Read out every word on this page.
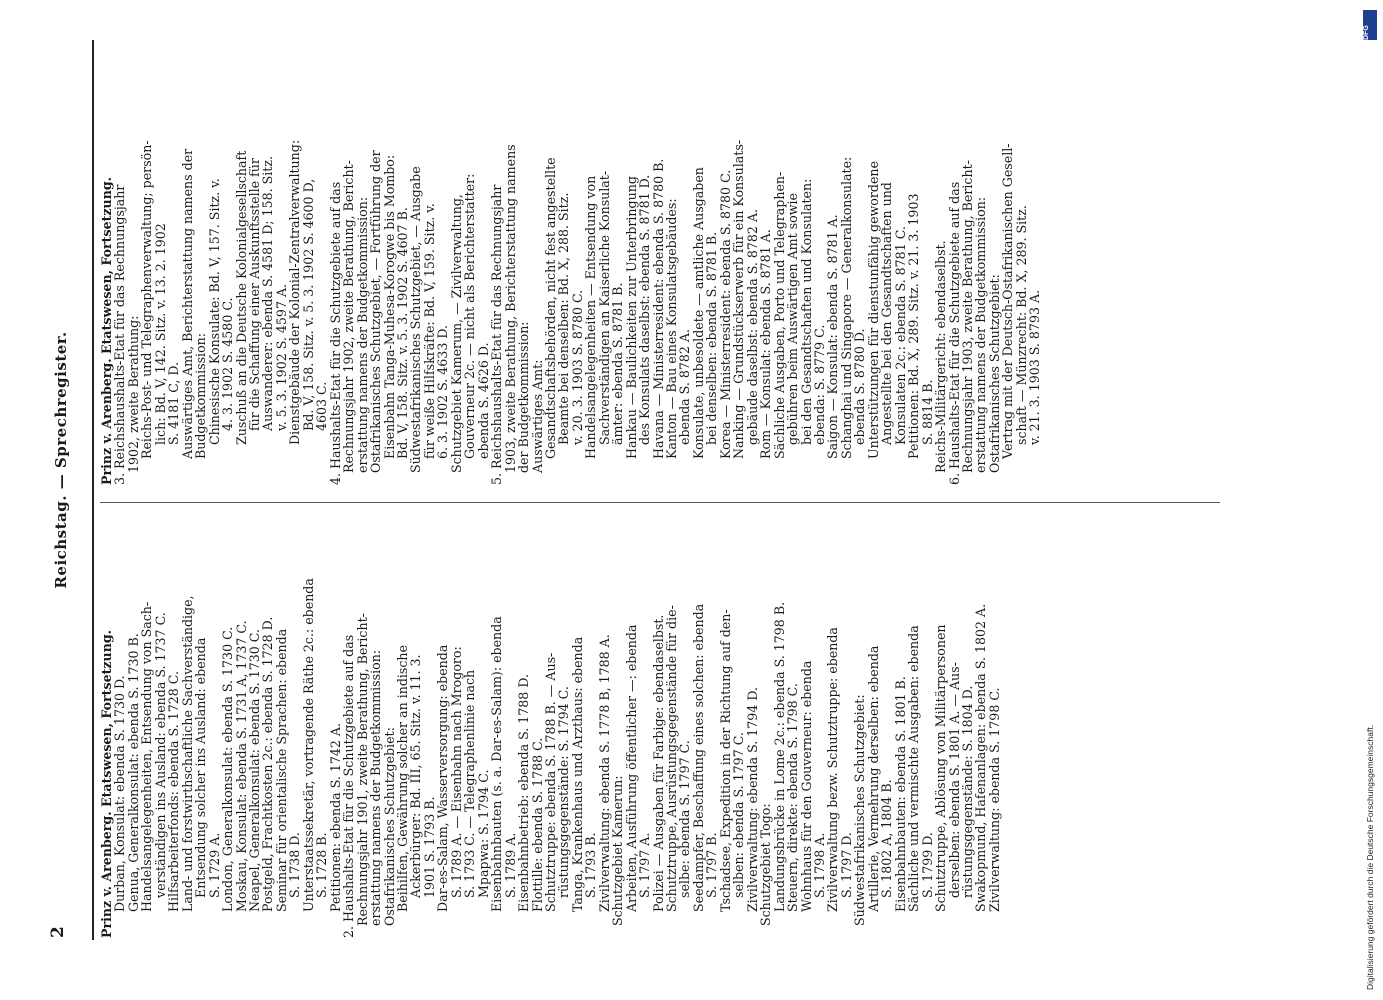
2
Reichstag. — Sprechregister.
Prinz v. Arenberg. Etatswesen, Fortsetzung.
Durban, Konsulat: ebenda S. 1730 D.
Genua, Generalkonsulat: ebenda S. 1730 B.
Handelsangelegenheiten, Entsendung von Sach-
verständigen ins Ausland: ebenda S. 1737 C.
Hilfsarbeiterfonds: ebenda S. 1728 C.
Land- und forstwirthschaftliche Sachverständige,
Entsendung solcher ins Ausland: ebenda
S. 1729 A.
London, Generalkonsulat: ebenda S. 1730 C.
Moskau, Konsulat: ebenda S. 1731 A, 1737 C.
Neapel, Generalkonsulat: ebenda S. 1730 C.
Postgeld, Frachtkosten 2c.: ebenda S. 1728 D.
Seminar für orientalische Sprachen: ebenda
S. 1738 D.
Unterstaatssekretär, vortragende Räthe 2c.: ebenda
S. 1728 B.
Petitionen: ebenda S. 1742 A.
2. Haushalts-Etat für die Schutzgebiete auf das
Rechnungsjahr 1901, zweite Berathung, Bericht-
erstattung namens der Budgetkommission:
Ostafrikanisches Schutzgebiet:
Beihilfen, Gewährung solcher an indische
Ackerbürger: Bd. III, 65. Sitz. v. 11. 3.
1901 S. 1793 B.
Dar-es-Salam, Wasserversorgung: ebenda
S. 1789 A. — Eisenbahn nach Mrogoro:
S. 1793 C. — Telegraphenlinie nach
Mpapwa: S. 1794 C.
Eisenbahnbauten (s. a. Dar-es-Salam): ebenda
S. 1789 A.
Eisenbahnbetrieb: ebenda S. 1788 D.
Flottille: ebenda S. 1788 C.
Schutztruppe: ebenda S. 1788 B. — Aus-
rüstungsgegenstände: S. 1794 C.
Tanga, Krankenhaus und Arzthaus: ebenda
S. 1793 B.
Zivilverwaltung: ebenda S. 1778 B, 1788 A.
Schutzgebiet Kamerun:
Arbeiten, Ausführung öffentlicher —: ebenda
S. 1797 A.
Polizei — Ausgaben für Farbige: ebendaselbst.
Schutztruppe, Ausrüstungsgegenstände für die-
selbe: ebenda S. 1797 C.
Seedampfer, Beschaffung eines solchen: ebenda
S. 1797 B.
Tschadsee, Expedition in der Richtung auf den-
selben: ebenda S. 1797 C.
Zivilverwaltung: ebenda S. 1794 D.
Schutzgebiet Togo:
Landungsbrücke in Lome 2c.: ebenda S. 1798 B.
Steuern, direkte: ebenda S. 1798 C.
Wohnhaus für den Gouverneur: ebenda
S. 1798 A.
Zivilverwaltung bezw. Schutztruppe: ebenda
S. 1797 D.
Südwestafrikanisches Schutzgebiet:
Artillerie, Vermehrung derselben: ebenda
S. 1802 A, 1804 B.
Eisenbahnbauten: ebenda S. 1801 B.
Sächliche und vermischte Ausgaben: ebenda
S. 1799 D.
Schutztruppe, Ablösung von Militärpersonen
derselben: ebenda S. 1801 A. — Aus-
rüstungsgegenstände: S. 1804 D.
Swakopmund, Hafenanlagen: ebenda S. 1802 A.
Zivilverwaltung: ebenda S. 1798 C.
Prinz v. Arenberg. Etatswesen, Fortsetzung.
3. Reichshaushalts-Etat für das Rechnungsjahr
1902, zweite Berathung:
Reichs-Post- und Telegraphenverwaltung; persön-
lich: Bd. V, 142. Sitz. v. 13. 2. 1902
S. 4181 C, D.
Auswärtiges Amt, Berichterstattung namens der
Budgetkommission:
Chinesische Konsulate: Bd. V, 157. Sitz. v.
4. 3. 1902 S. 4580 C.
Zuschuß an die Deutsche Kolonialgesellschaft
für die Schaffung einer Auskunftsstelle für
Auswanderer: ebenda S. 4581 D; 158. Sitz.
v. 5. 3. 1902 S. 4597 A.
Dienstgebäude der Kolonial-Zentralverwaltung:
Bd. V, 158. Sitz. v. 5. 3. 1902 S. 4600 D,
4603 C.
4. Haushalts-Etat für die Schutzgebiete auf das
Rechnungsjahr 1902, zweite Berathung, Bericht-
erstattung namens der Budgetkommission:
Ostafrikanisches Schutzgebiet, — Fortführung der
Eisenbahn Tanga-Muhesa-Korogwe bis Mombo:
Bd. V, 158. Sitz. v. 5. 3. 1902 S. 4607 B.
Südwestafrikanisches Schutzgebiet, — Ausgabe
für weiße Hilfskräfte: Bd. V, 159. Sitz. v.
6. 3. 1902 S. 4633 D.
Schutzgebiet Kamerum, — Zivilverwaltung,
Gouverneur 2c. — nicht als Berichterstatter:
ebenda S. 4626 D.
5. Reichshaushalts-Etat für das Rechnungsjahr
1903, zweite Berathung, Berichterstattung namens
der Budgetkommission:
Auswärtiges Amt:
Gesandtschaftsbehörden, nicht fest angestellte
Beamte bei denselben: Bd. X, 288. Sitz.
v. 20. 3. 1903 S. 8780 C.
Handelsangelegenheiten — Entsendung von
Sachverständigen an Kaiserliche Konsulat-
ämter: ebenda S. 8781 B.
Hankau — Baulichkeiten zur Unterbringung
des Konsulats daselbst: ebenda S. 8781 D.
Havana — Ministerresident: ebenda S. 8780 B.
Kanton — Bau eines Konsulatsgebäudes:
ebenda S. 8782 A.
Konsulate, unbesoldete — amtliche Ausgaben
bei denselben: ebenda S. 8781 B.
Korea — Ministerresident: ebenda S. 8780 C.
Nanking — Grundstückserwerb für ein Konsulats-
gebäude daselbst: ebenda S. 8782 A.
Rom — Konsulat: ebenda S. 8781 A.
Sächliche Ausgaben, Porto und Telegraphen-
gebühren beim Auswärtigen Amt sowie
bei den Gesandtschaften und Konsulaten:
ebenda: S. 8779 C.
Saigon — Konsulat: ebenda S. 8781 A.
Schanghai und Singapore — Generalkonsulate:
ebenda S. 8780 D.
Unterstützungen für dienstunfähig gewordene
Angestellte bei den Gesandtschaften und
Konsulaten 2c.: ebenda S. 8781 C.
Petitionen: Bd. X, 289. Sitz. v. 21. 3. 1903
S. 8814 B.
Reichs-Militärgericht: ebendaselbst.
6. Haushalts-Etat für die Schutzgebiete auf das
Rechnungsjahr 1903, zweite Berathung, Bericht-
erstattung namens der Budgetkommission:
Ostafrikanisches Schutzgebiet:
Vertrag mit der Deutsch-Ostafrikanischen Gesell-
schaft — Münzrecht: Bd. X, 289. Sitz.
v. 21. 3. 1903 S. 8793 A.
Digitalisierung gefördert durch die Deutsche Forschungsgemeinschaft.
DFG
